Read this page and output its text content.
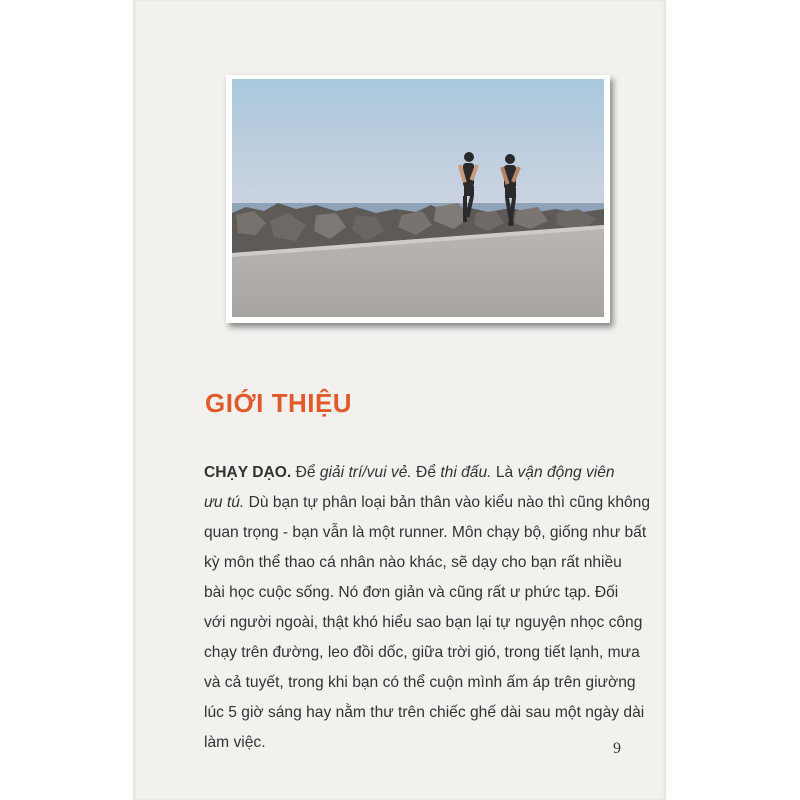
GIỚI THIỆU
CHẠY DẠO. Để giải trí/vui vẻ. Để thi đấu. Là vận động viên
ưu tú. Dù bạn tự phân loại bản thân vào kiểu nào thì cũng không
quan trọng - bạn vẫn là một runner. Môn chạy bộ, giống như bất
kỳ môn thể thao cá nhân nào khác, sẽ dạy cho bạn rất nhiều
bài học cuộc sống. Nó đơn giản và cũng rất ư phức tạp. Đối
với người ngoài, thật khó hiểu sao bạn lại tự nguyện nhọc công
chạy trên đường, leo đồi dốc, giữa trời gió, trong tiết lạnh, mưa
và cả tuyết, trong khi bạn có thể cuộn mình ấm áp trên giường
lúc 5 giờ sáng hay nằm thư trên chiếc ghế dài sau một ngày dài
làm việc.	9
